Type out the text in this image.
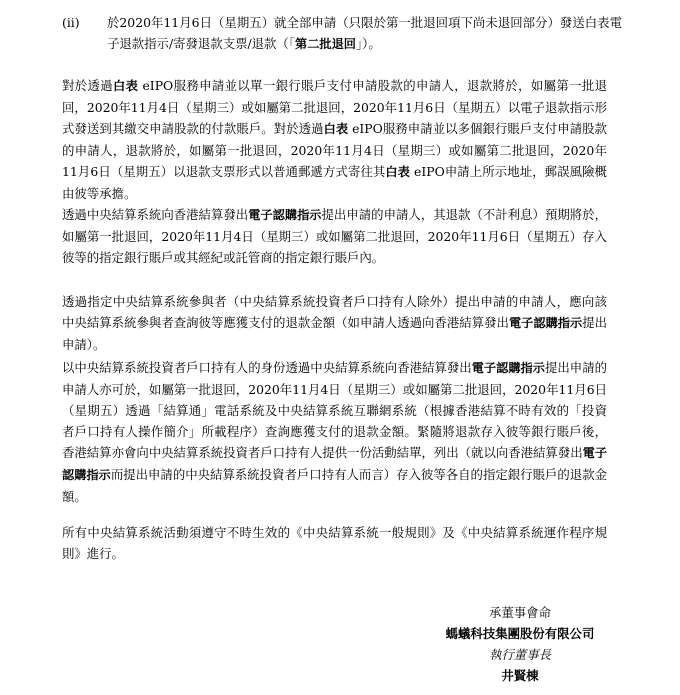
(ii) 於2020年11月6日（星期五）就全部申請（只限於第一批退回項下尚未退回部分）發送白表電子退款指示/寄發退款支票/退款（「第二批退回」）。
對於透過白表 eIPO服務申請並以單一銀行賬戶支付申請股款的申請人，退款將於，如屬第一批退回，2020年11月4日（星期三）或如屬第二批退回，2020年11月6日（星期五）以電子退款指示形式發送到其繳交申請股款的付款賬戶。對於透過白表 eIPO服務申請並以多個銀行賬戶支付申請股款的申請人，退款將於，如屬第一批退回，2020年11月4日（星期三）或如屬第二批退回，2020年11月6日（星期五）以退款支票形式以普通郵遞方式寄往其白表 eIPO申請上所示地址，郵誤風險概由彼等承擔。
透過中央結算系統向香港結算發出電子認購指示提出申請的申請人，其退款（不計利息）預期將於，如屬第一批退回，2020年11月4日（星期三）或如屬第二批退回，2020年11月6日（星期五）存入彼等的指定銀行賬戶或其經紀或託管商的指定銀行賬戶內。
透過指定中央結算系統參與者（中央結算系統投資者戶口持有人除外）提出申請的申請人，應向該中央結算系統參與者查詢彼等應獲支付的退款金額（如申請人透過向香港結算發出電子認購指示提出申請）。
以中央結算系統投資者戶口持有人的身份透過中央結算系統向香港結算發出電子認購指示提出申請的申請人亦可於，如屬第一批退回，2020年11月4日（星期三）或如屬第二批退回，2020年11月6日（星期五）透過「結算通」電話系統及中央結算系統互聯網系統（根據香港結算不時有效的「投資者戶口持有人操作簡介」所載程序）查詢應獲支付的退款金額。緊隨將退款存入彼等銀行賬戶後，香港結算亦會向中央結算系統投資者戶口持有人提供一份活動結單，列出（就以向香港結算發出電子認購指示而提出申請的中央結算系統投資者戶口持有人而言）存入彼等各自的指定銀行賬戶的退款金額。
所有中央結算系統活動須遵守不時生效的《中央結算系統一般規則》及《中央結算系統運作程序規則》進行。
承董事會命
螞蟻科技集團股份有限公司
執行董事長
井賢棟
